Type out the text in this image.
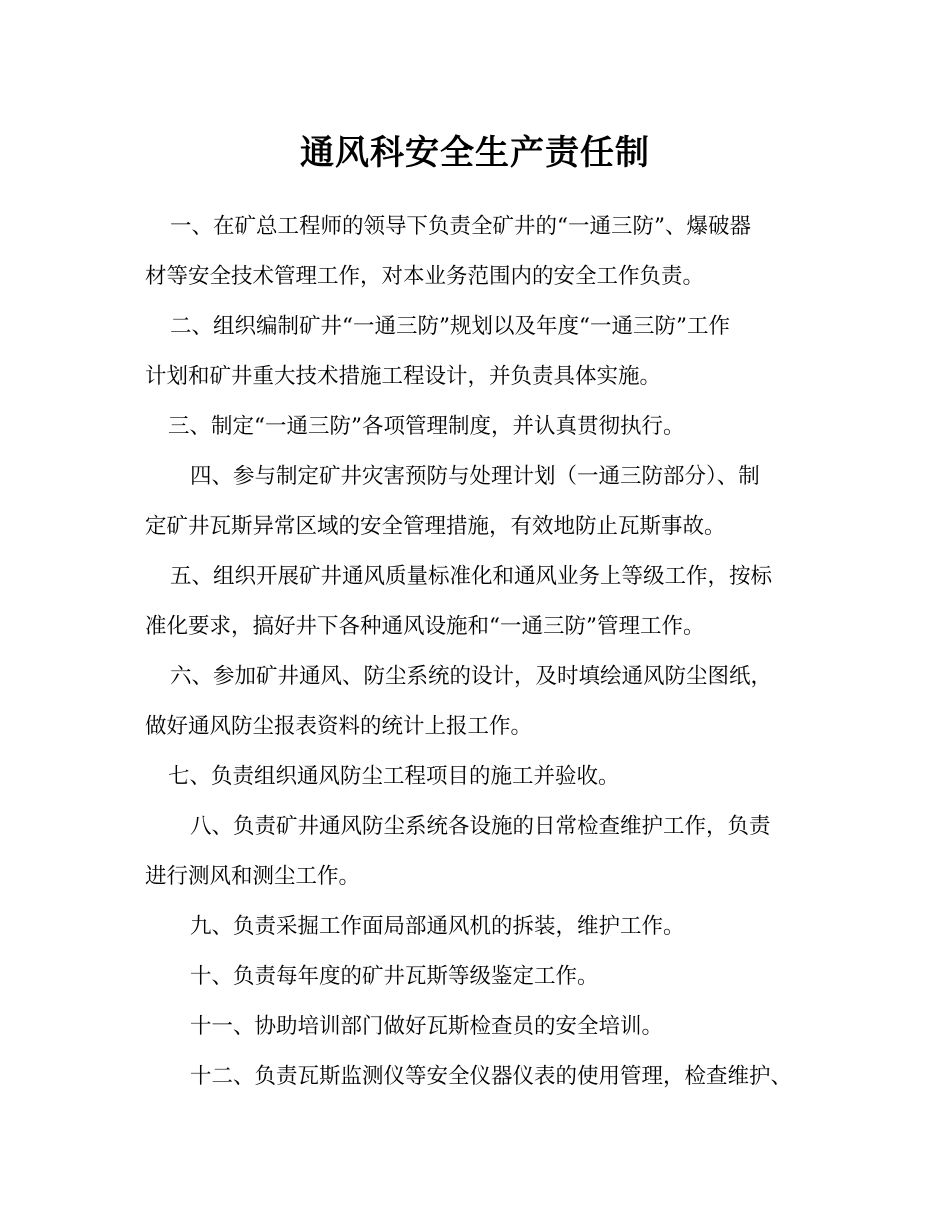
通风科安全生产责任制
一、在矿总工程师的领导下负责全矿井的“一通三防”、爆破器
材等安全技术管理工作，对本业务范围内的安全工作负责。
二、组织编制矿井“一通三防”规划以及年度“一通三防”工作
计划和矿井重大技术措施工程设计，并负责具体实施。
三、制定“一通三防”各项管理制度，并认真贯彻执行。
四、参与制定矿井灾害预防与处理计划（一通三防部分）、制
定矿井瓦斯异常区域的安全管理措施，有效地防止瓦斯事故。
五、组织开展矿井通风质量标准化和通风业务上等级工作，按标
准化要求，搞好井下各种通风设施和“一通三防”管理工作。
六、参加矿井通风、防尘系统的设计，及时填绘通风防尘图纸，
做好通风防尘报表资料的统计上报工作。
七、负责组织通风防尘工程项目的施工并验收。
八、负责矿井通风防尘系统各设施的日常检查维护工作，负责
进行测风和测尘工作。
九、负责采掘工作面局部通风机的拆装，维护工作。
十、负责每年度的矿井瓦斯等级鉴定工作。
十一、协助培训部门做好瓦斯检查员的安全培训。
十二、负责瓦斯监测仪等安全仪器仪表的使用管理，检查维护、
